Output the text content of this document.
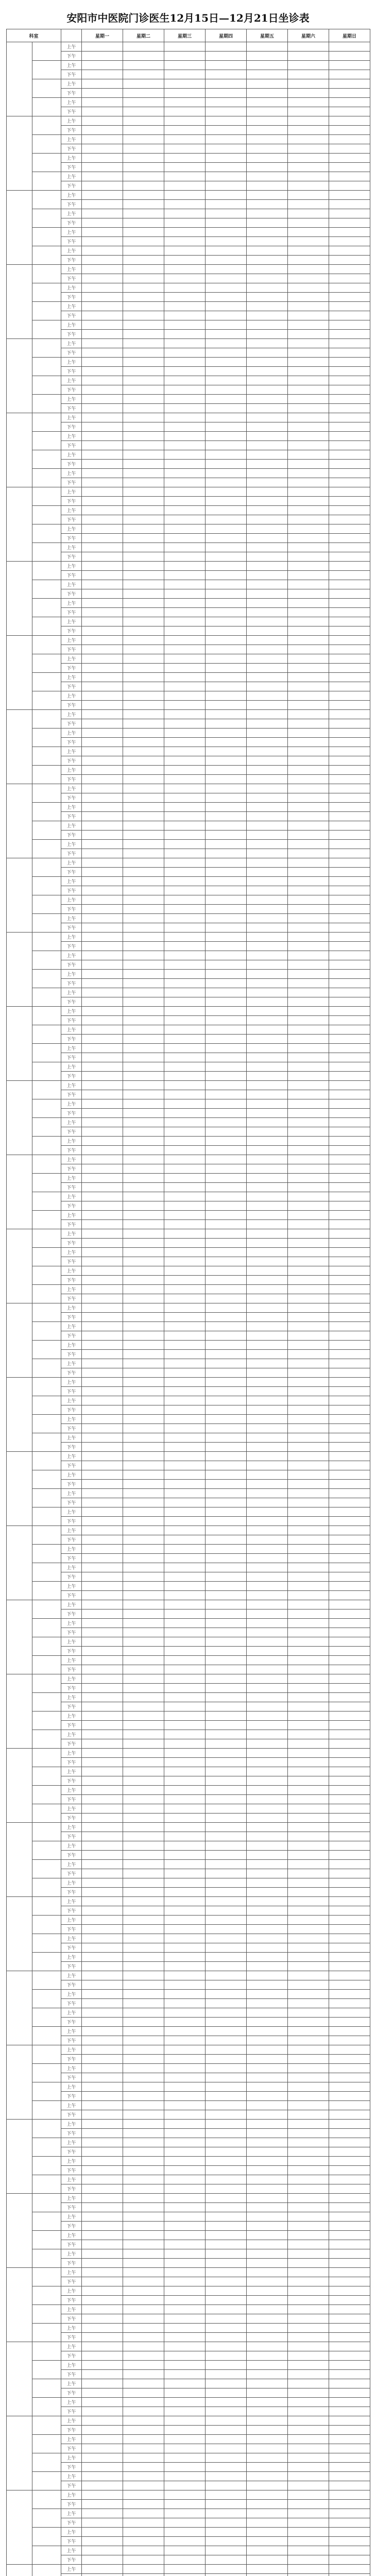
安阳市中医院门诊医生12月15日—12月21日坐诊表
科室			星期一	星期二	星期三	星期四	星期五	星期六	星期日
		上午							
		下午							
		上午							
		下午							
		上午							
		下午							
		上午							
		下午							
		上午							
		下午							
		上午							
		下午							
		上午							
		下午							
		上午							
		下午							
		上午							
		下午							
		上午							
		下午							
		上午							
		下午							
		上午							
		下午							
		上午							
		下午							
		上午							
		下午							
		上午							
		下午							
		上午							
		下午							
		上午							
		下午							
		上午							
		下午							
		上午							
		下午							
		上午							
		下午							
		上午							
		下午							
		上午							
		下午							
		上午							
		下午							
		上午							
		下午							
		上午							
		下午							
		上午							
		下午							
		上午							
		下午							
		上午							
		下午							
		上午							
		下午							
		上午							
		下午							
		上午							
		下午							
		上午							
		下午							
		上午							
		下午							
		上午							
		下午							
		上午							
		下午							
		上午							
		下午							
		上午							
		下午							
		上午							
		下午							
		上午							
		下午							
		上午							
		下午							
		上午							
		下午							
		上午							
		下午							
		上午							
		下午							
		上午							
		下午							
		上午							
		下午							
		上午							
		下午							
		上午							
		下午							
		上午							
		下午							
		上午							
		下午							
		上午							
		下午							
		上午							
		下午							
		上午							
		下午							
		上午							
		下午							
		上午							
		下午							
		上午							
		下午							
		上午							
		下午							
		上午							
		下午							
		上午							
		下午							
		上午							
		下午							
		上午							
		下午							
		上午							
		下午							
		上午							
		下午							
		上午							
		下午							
		上午							
		下午							
		上午							
		下午							
		上午							
		下午							
		上午							
		下午							
		上午							
		下午							
		上午							
		下午							
		上午							
		下午							
		上午							
		下午							
		上午							
		下午							
		上午							
		下午							
		上午							
		下午							
		上午							
		下午							
		上午							
		下午							
		上午							
		下午							
		上午							
		下午							
		上午							
		下午							
		上午							
		下午							
		上午							
		下午							
		上午							
		下午							
		上午							
		下午							
		上午							
		下午							
		上午							
		下午							
		上午							
		下午							
		上午							
		下午							
		上午							
		下午							
		上午							
		下午							
		上午							
		下午							
		上午							
		下午							
		上午							
		下午							
		上午							
		下午							
		上午							
		下午							
		上午							
		下午							
		上午							
		下午							
		上午							
		下午							
		上午							
		下午							
		上午							
		下午							
		上午							
		下午							
		上午							
		下午							
		上午							
		下午							
		上午							
		下午							
		上午							
		下午							
		上午							
		下午							
		上午							
		下午							
		上午							
		下午							
		上午							
		下午							
		上午							
		下午							
		上午							
		下午							
		上午							
		下午							
		上午							
		下午							
		上午							
		下午							
		上午							
		下午							
		上午							
		下午							
		上午							
		下午							
		上午							
		下午							
		上午							
		下午							
		上午							
		下午							
		上午							
		下午							
		上午							
		下午							
		上午							
		下午							
		上午							
		下午							
		上午							
		下午							
		上午							
		下午							
		上午							
		下午							
		上午							
		下午							
		上午							
		下午							
		上午							
		下午							
		上午							
		下午							
		上午							
		下午							
		上午							
		下午							
		上午							
		下午							
		上午							
		下午							
		上午							
		下午							
		上午							
		下午							
		上午							
